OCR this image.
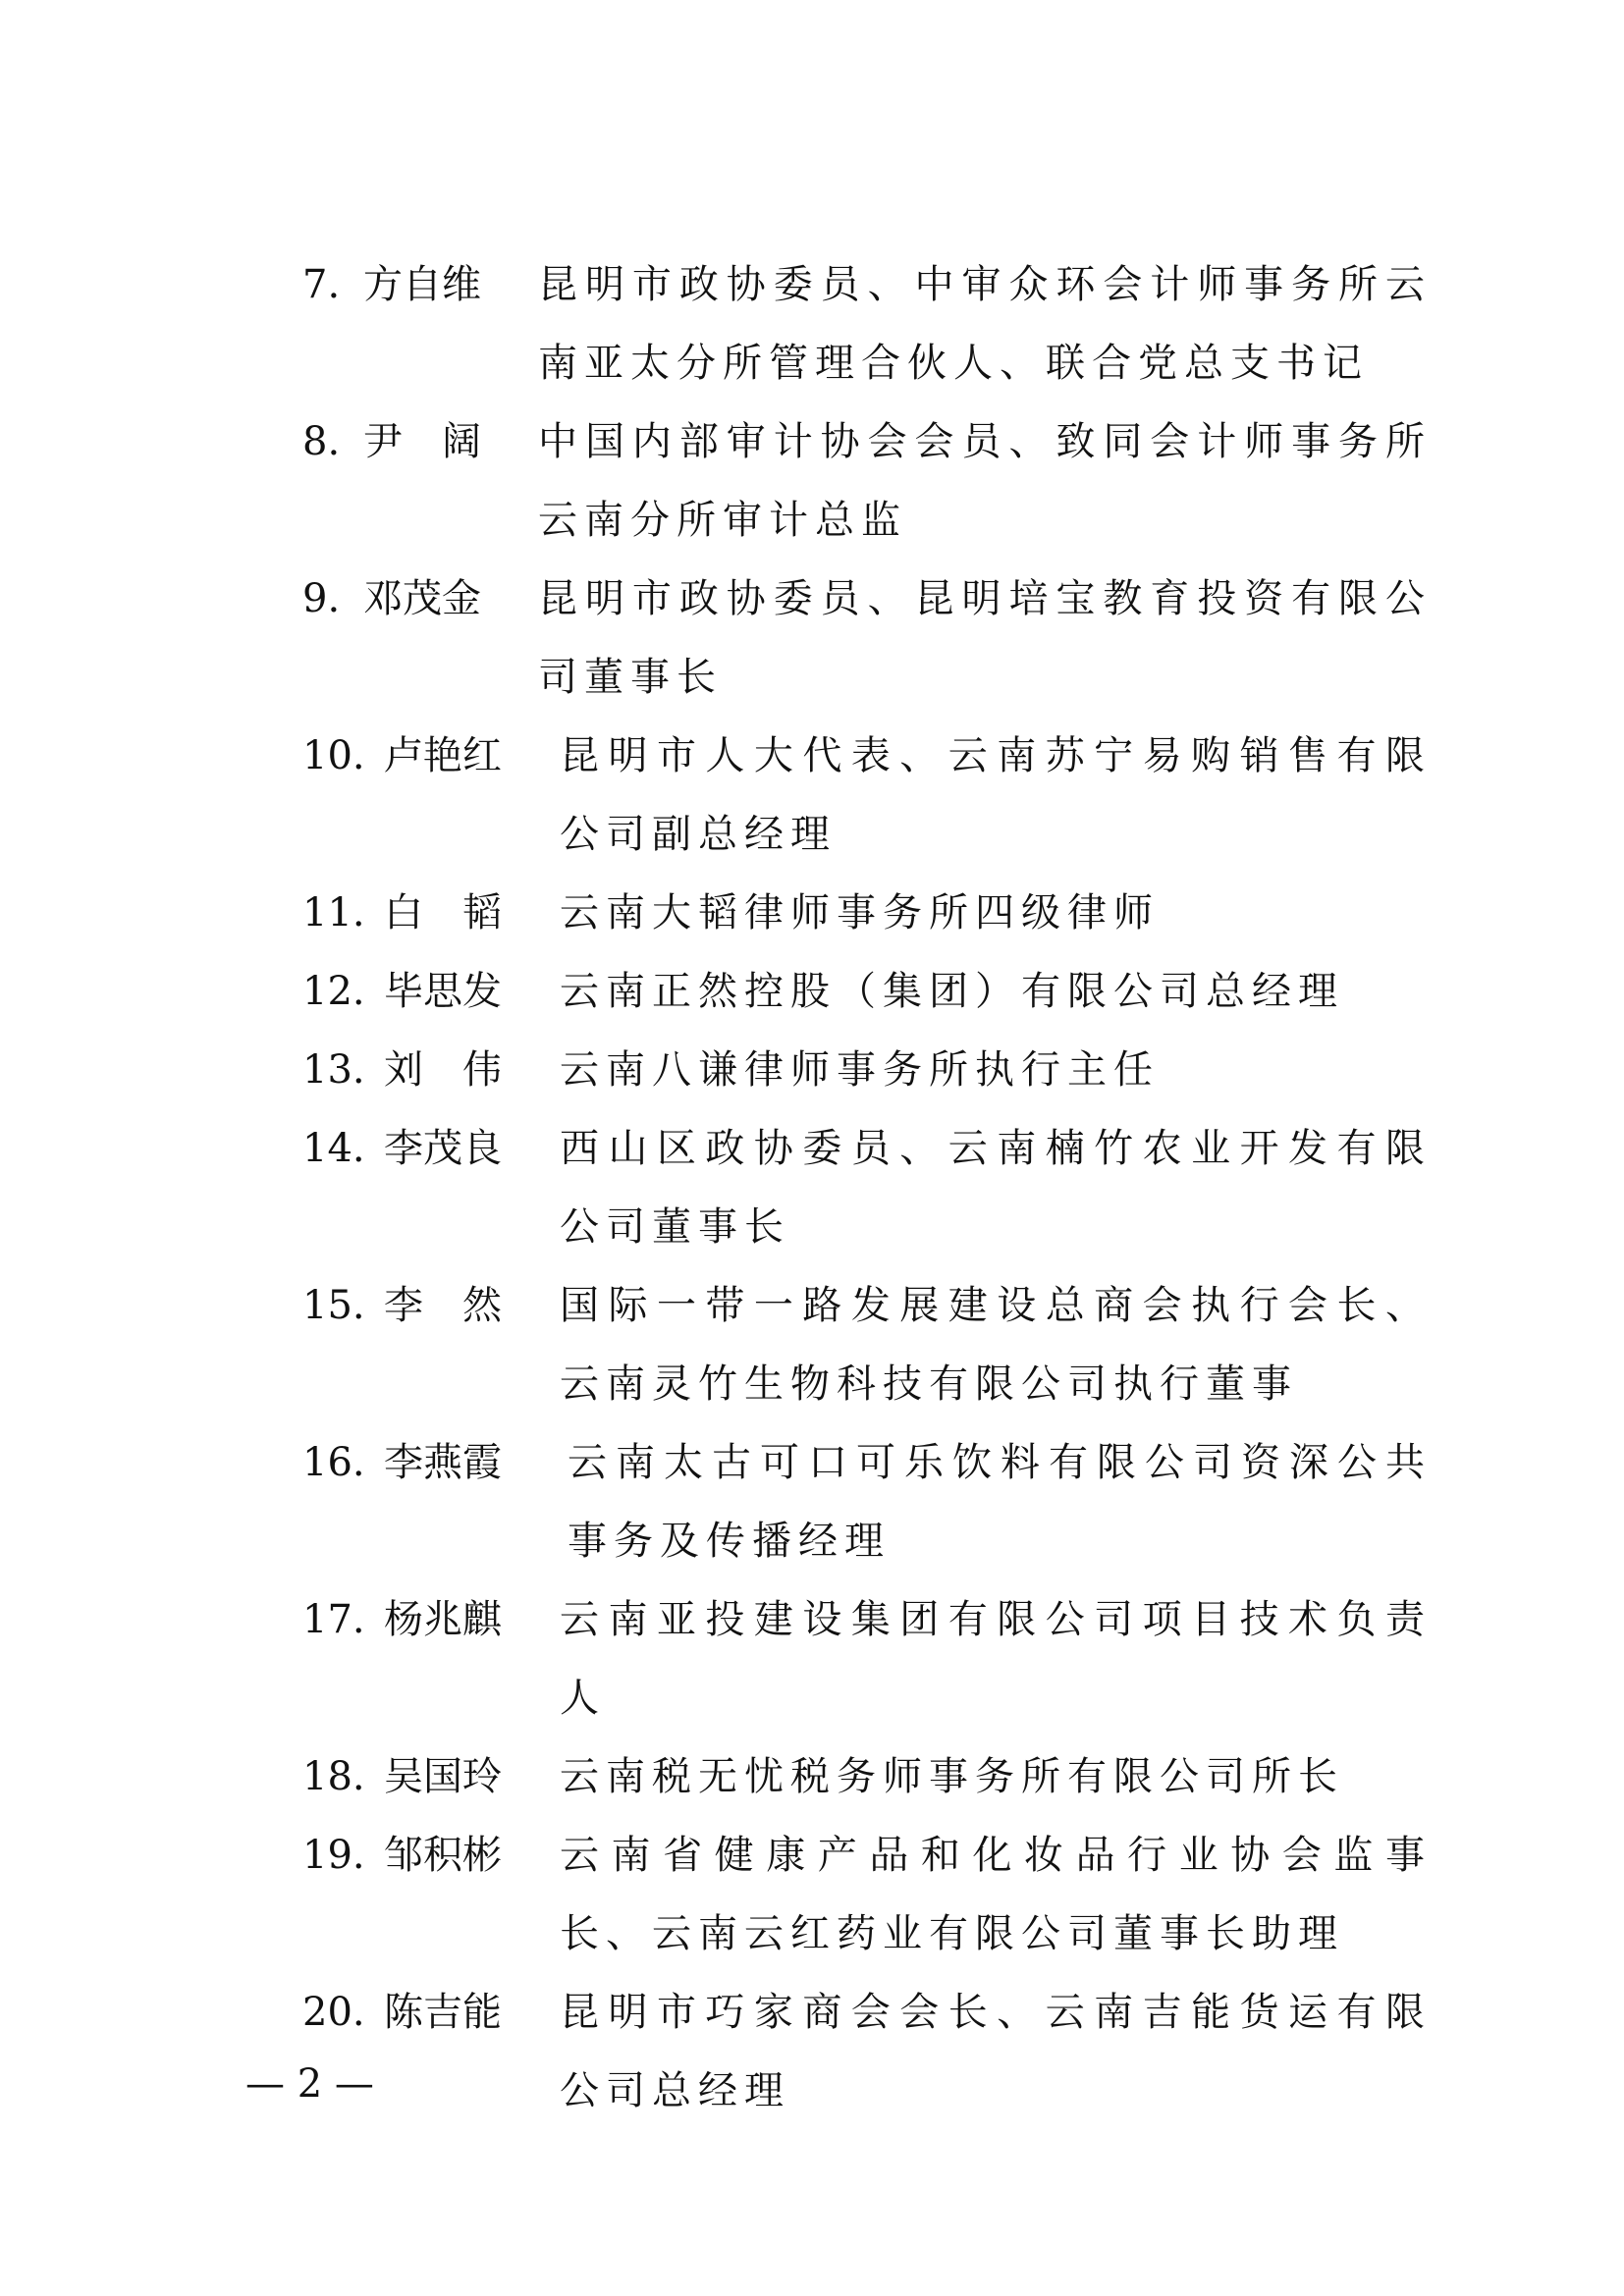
7. 方自维 昆明市政协委员、中审众环会计师事务所云南亚太分所管理合伙人、联合党总支书记
8. 尹　阔 中国内部审计协会会员、致同会计师事务所云南分所审计总监
9. 邓茂金 昆明市政协委员、昆明培宝教育投资有限公司董事长
10. 卢艳红 昆明市人大代表、云南苏宁易购销售有限公司副总经理
11. 白　韬 云南大韬律师事务所四级律师
12. 毕思发 云南正然控股（集团）有限公司总经理
13. 刘　伟 云南八谦律师事务所执行主任
14. 李茂良 西山区政协委员、云南楠竹农业开发有限公司董事长
15. 李　然 国际一带一路发展建设总商会执行会长、云南灵竹生物科技有限公司执行董事
16. 李燕霞 云南太古可口可乐饮料有限公司资深公共事务及传播经理
17. 杨兆麒 云南亚投建设集团有限公司项目技术负责人
18. 吴国玲 云南税无忧税务师事务所有限公司所长
19. 邹积彬 云南省健康产品和化妆品行业协会监事长、云南云红药业有限公司董事长助理
20. 陈吉能 昆明市巧家商会会长、云南吉能货运有限公司总经理
— 2 —
